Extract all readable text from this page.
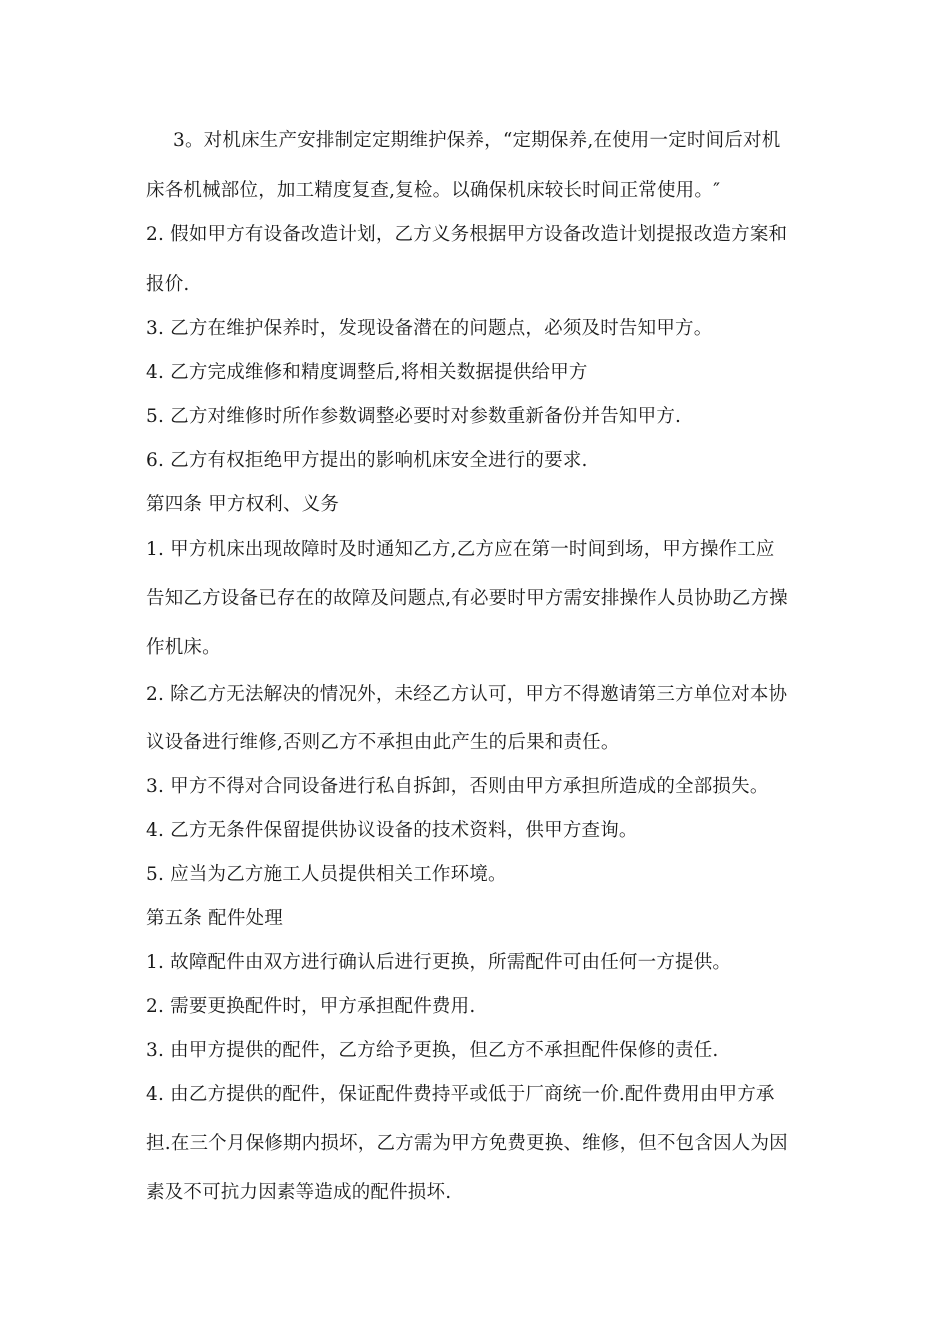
3。对机床生产安排制定定期维护保养，“定期保养,在使用一定时间后对机
床各机械部位，加工精度复查,复检。以确保机床较长时间正常使用。″
2. 假如甲方有设备改造计划，乙方义务根据甲方设备改造计划提报改造方案和
报价.
3. 乙方在维护保养时，发现设备潜在的问题点，必须及时告知甲方。
4. 乙方完成维修和精度调整后,将相关数据提供给甲方
5. 乙方对维修时所作参数调整必要时对参数重新备份并告知甲方.
6. 乙方有权拒绝甲方提出的影响机床安全进行的要求.
第四条 甲方权利、义务
1. 甲方机床出现故障时及时通知乙方,乙方应在第一时间到场，甲方操作工应
告知乙方设备已存在的故障及问题点,有必要时甲方需安排操作人员协助乙方操
作机床。
2. 除乙方无法解决的情况外，未经乙方认可，甲方不得邀请第三方单位对本协
议设备进行维修,否则乙方不承担由此产生的后果和责任。
3. 甲方不得对合同设备进行私自拆卸，否则由甲方承担所造成的全部损失。
4. 乙方无条件保留提供协议设备的技术资料，供甲方查询。
5. 应当为乙方施工人员提供相关工作环境。
第五条 配件处理
1. 故障配件由双方进行确认后进行更换，所需配件可由任何一方提供。
2. 需要更换配件时，甲方承担配件费用.
3. 由甲方提供的配件，乙方给予更换，但乙方不承担配件保修的责任.
4. 由乙方提供的配件，保证配件费持平或低于厂商统一价.配件费用由甲方承
担.在三个月保修期内损坏，乙方需为甲方免费更换、维修，但不包含因人为因
素及不可抗力因素等造成的配件损坏.
